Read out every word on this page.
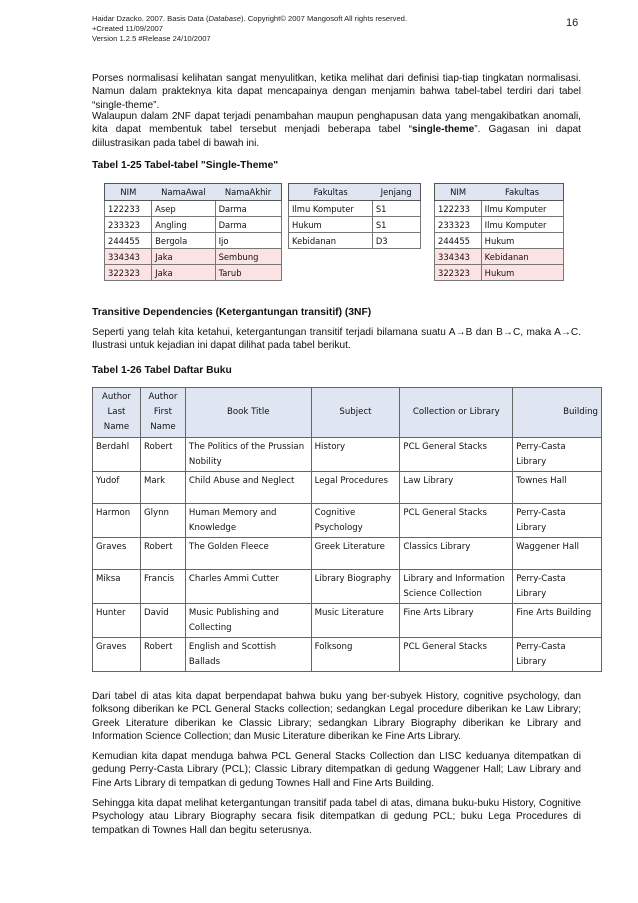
Haidar Dzacko. 2007. Basis Data (Database). Copyright© 2007 Mangosoft All rights reserved.
+Created 11/09/2007
Version 1.2.5 #Release 24/10/2007
16
Porses normalisasi kelihatan sangat menyulitkan, ketika melihat dari definisi tiap-tiap tingkatan normalisasi. Namun dalam prakteknya kita dapat mencapainya dengan menjamin bahwa tabel-tabel terdiri dari tabel “single-theme”.
Walaupun dalam 2NF dapat terjadi penambahan maupun penghapusan data yang mengakibatkan anomali, kita dapat membentuk tabel tersebut menjadi beberapa tabel “single-theme”. Gagasan ini dapat diilustrasikan pada tabel di bawah ini.
Tabel 1-25 Tabel-tabel "Single-Theme"
NIM	NamaAwal	NamaAkhir
122233	Asep	Darma
233323	Angling	Darma
244455	Bergola	Ijo
334343	Jaka	Sembung
322323	Jaka	Tarub
Fakultas	Jenjang
Ilmu Komputer	S1
Hukum	S1
Kebidanan	D3
NIM	Fakultas
122233	Ilmu Komputer
233323	Ilmu Komputer
244455	Hukum
334343	Kebidanan
322323	Hukum
Transitive Dependencies (Ketergantungan transitif) (3NF)
Seperti yang telah kita ketahui, ketergantungan transitif terjadi bilamana suatu A→B dan B→C, maka A→C. Ilustrasi untuk kejadian ini dapat dilihat pada tabel berikut.
Tabel 1-26 Tabel Daftar Buku
Author Last Name	Author First Name	Book Title	Subject	Collection or Library	Building
Berdahl	Robert	The Politics of the Prussian Nobility	History	PCL General Stacks	Perry-Casta Library
Yudof	Mark	Child Abuse and Neglect	Legal Procedures	Law Library	Townes Hall
Harmon	Glynn	Human Memory and Knowledge	Cognitive Psychology	PCL General Stacks	Perry-Casta Library
Graves	Robert	The Golden Fleece	Greek Literature	Classics Library	Waggener Hall
Miksa	Francis	Charles Ammi Cutter	Library Biography	Library and Information Science Collection	Perry-Casta Library
Hunter	David	Music Publishing and Collecting	Music Literature	Fine Arts Library	Fine Arts Building
Graves	Robert	English and Scottish Ballads	Folksong	PCL General Stacks	Perry-Casta Library
Dari tabel di atas kita dapat berpendapat bahwa buku yang ber-subyek History, cognitive psychology, dan folksong diberikan ke PCL General Stacks collection; sedangkan Legal procedure diberikan ke Law Library; Greek Literature diberikan ke Classic Library; sedangkan Library Biography diberikan ke Library and Information Science Collection; dan Music Literature diberikan ke Fine Arts Library.
Kemudian kita dapat menduga bahwa PCL General Stacks Collection dan LISC keduanya ditempatkan di gedung Perry-Casta Library (PCL); Classic Library ditempatkan di gedung Waggener Hall; Law Library and Fine Arts Library di tempatkan di gedung Townes Hall and Fine Arts Building.
Sehingga kita dapat melihat ketergantungan transitif pada tabel di atas, dimana buku-buku History, Cognitive Psychology atau Library Biography secara fisik ditempatkan di gedung PCL; buku Lega Procedures di tempatkan di Townes Hall dan begitu seterusnya.
